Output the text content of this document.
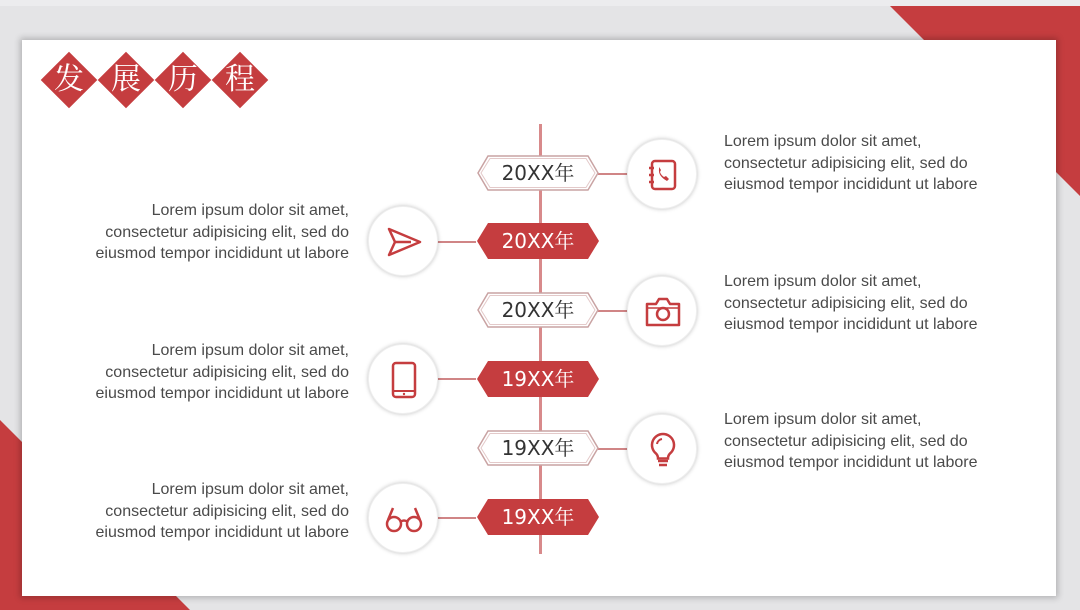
发 展 历 程
20XX年
20XX年
20XX年
19XX年
19XX年
19XX年
Lorem ipsum dolor sit amet,
consectetur adipisicing elit, sed do
eiusmod tempor incididunt ut labore
Lorem ipsum dolor sit amet,
consectetur adipisicing elit, sed do
eiusmod tempor incididunt ut labore
Lorem ipsum dolor sit amet,
consectetur adipisicing elit, sed do
eiusmod tempor incididunt ut labore
Lorem ipsum dolor sit amet,
consectetur adipisicing elit, sed do
eiusmod tempor incididunt ut labore
Lorem ipsum dolor sit amet,
consectetur adipisicing elit, sed do
eiusmod tempor incididunt ut labore
Lorem ipsum dolor sit amet,
consectetur adipisicing elit, sed do
eiusmod tempor incididunt ut labore
